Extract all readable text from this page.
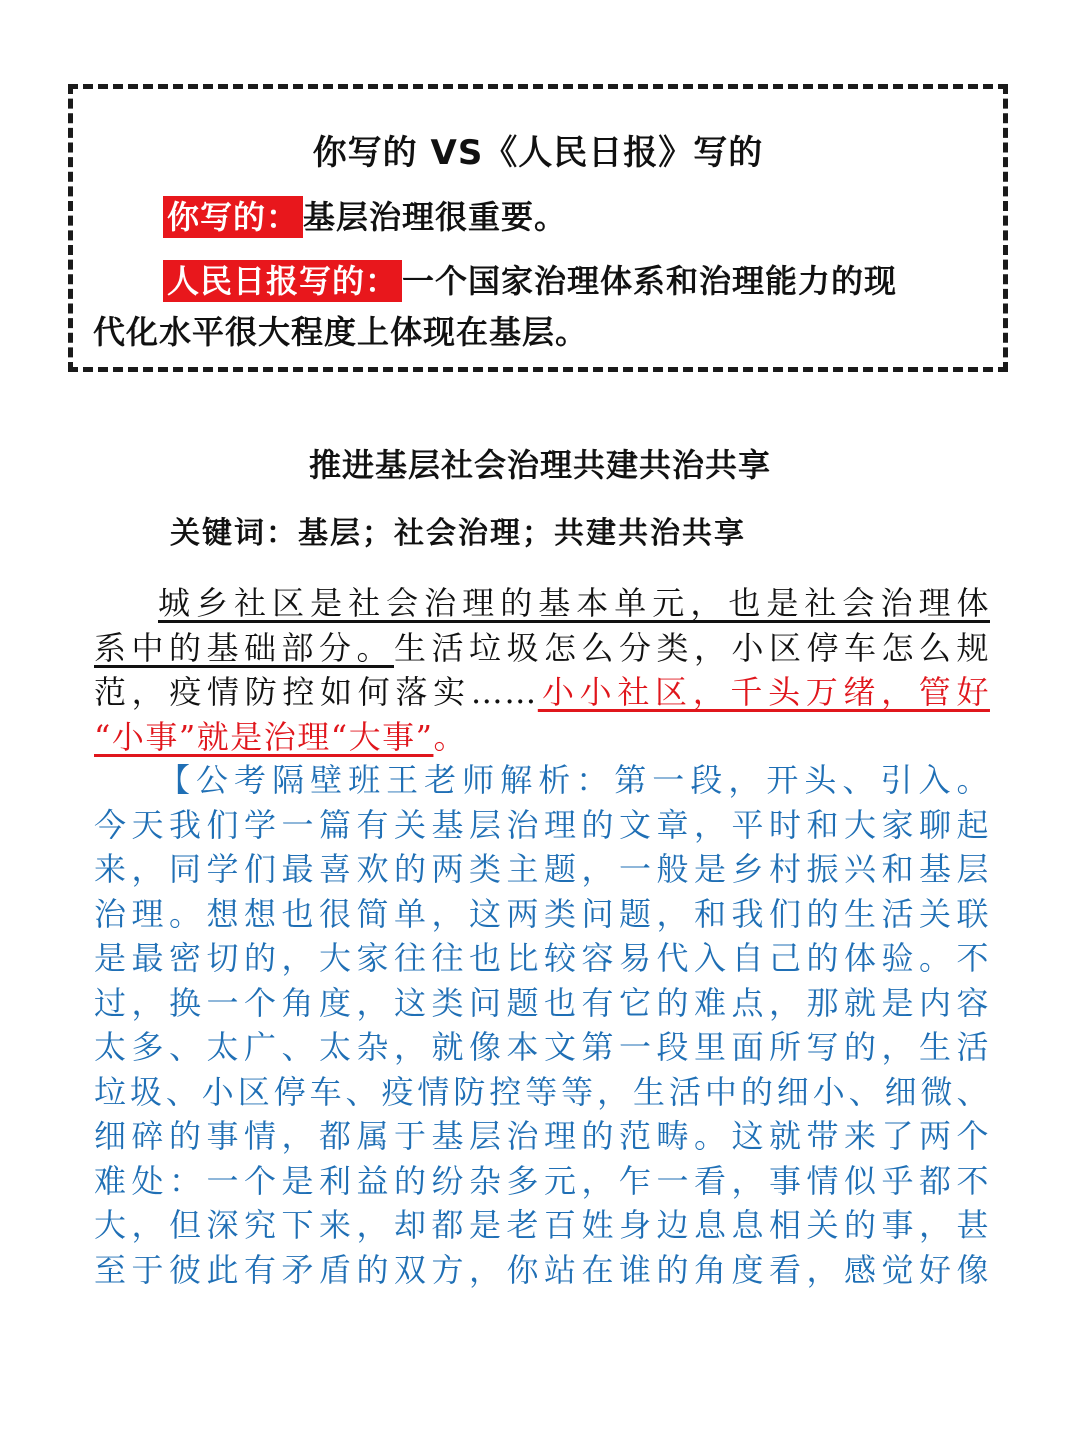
你写的 VS《人民日报》写的
你写的： 基层治理很重要。
人民日报写的： 一个国家治理体系和治理能力的现
代化水平很大程度上体现在基层。
推进基层社会治理共建共治共享
关键词：基层；社会治理；共建共治共享
城乡社区是社会治理的基本单元，也是社会治理体
系中的基础部分。生活垃圾怎么分类，小区停车怎么规
范，疫情防控如何落实……小小社区，千头万绪，管好
“小事”就是治理“大事”。
【公考隔壁班王老师解析：第一段，开头、引入。
今天我们学一篇有关基层治理的文章，平时和大家聊起
来，同学们最喜欢的两类主题，一般是乡村振兴和基层
治理。想想也很简单，这两类问题，和我们的生活关联
是最密切的，大家往往也比较容易代入自己的体验。不
过，换一个角度，这类问题也有它的难点，那就是内容
太多、太广、太杂，就像本文第一段里面所写的，生活
垃圾、小区停车、疫情防控等等，生活中的细小、细微、
细碎的事情，都属于基层治理的范畴。这就带来了两个
难处：一个是利益的纷杂多元，乍一看，事情似乎都不
大，但深究下来，却都是老百姓身边息息相关的事，甚
至于彼此有矛盾的双方，你站在谁的角度看，感觉好像
